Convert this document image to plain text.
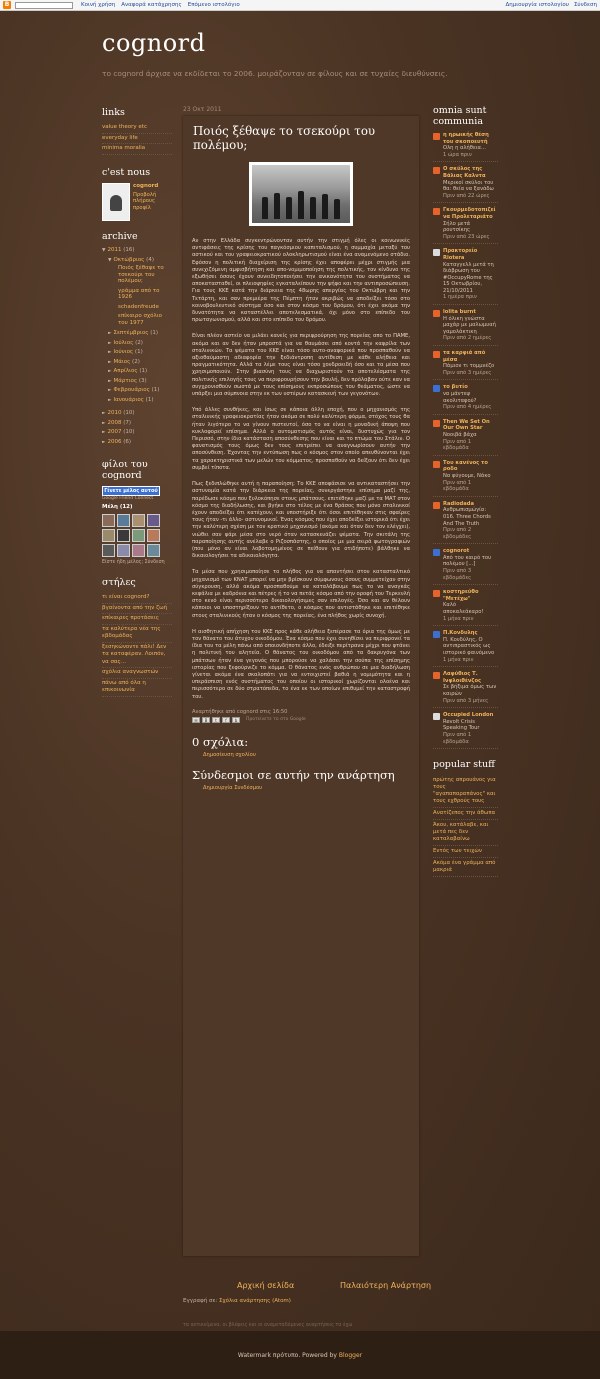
B	Κοινή χρήση Αναφορά κατάχρησης Επόμενο ιστολόγιο	Δημιουργία ιστολογίου Σύνδεση
cognord
το cognord άρχισε να εκδίδεται το 2006. μοιράζονταν σε φίλους και σε τυχαίες διευθύνσεις.
links
value theory etc
everyday life
minima moralia
c'est nous
cognord
Προβολή πλήρους προφίλ
archive
▼ 2011 (16)
▼ Οκτώβριος (4)
Ποιός ξέθαψε το τσεκούρι του πολέμου;
γράμμα από το 1926
schadenfreude
επίκαιρο σχόλιο του 1977
► Σεπτέμβριος (1)
► Ιούλιος (2)
► Ιούνιος (1)
► Μάιος (2)
► Απρίλιος (1)
► Μάρτιος (3)
► Φεβρουάριος (1)
► Ιανουάριος (1)
► 2010 (10)
► 2008 (7)
► 2007 (10)
► 2006 (6)
φίλοι του cognord
Γίνετε μέλος αυτού
Google Friend Connect
Μέλη (12)
Είστε ήδη μέλος; Σύνδεση
στήλες
τι είναι cognord?
βγαίνοντα από την ζωή
επίκαιρες προτάσεις
τα καλύτερα νέα της εβδομάδας
ξεσηκώνοντε πάλι! Δεν τα καταφέραν. Λοιπόν, να σας...
σχόλια αναγνωστών
πάνω από όλα η επικοινωνία
23 Οκτ 2011
Ποιός ξέθαψε το τσεκούρι του πολέμου;
Αν στην Ελλάδα συγκεντρώνονταν αυτήν την στιγμή όλες οι κοινωνικές αντιφάσεις της κρίσης του παγκόσμιου καπιταλισμού, η συμμαχία μεταξύ του αστικού και του γραφειοκρατικού ολοκληρωτισμού είναι ένα αναμενόμενο στάδιο. Εφόσον η πολιτική διαχείριση της κρίσης έχει αποφέρει μέχρι στιγμής μια συνεχιζόμενη αμφισβήτηση και απο-νομιμοποίηση της πολιτικής, τον κίνδυνο της εξωθήσει όσους έχουν συνειδητοποιήσει την ανικανότητα του συστήματος να αποκατασταθεί, οι πλειοψηφίες εγκαταλείπουν την ψήφο και την αντιπροσώπευση. Για τους ΚΚΕ κατά την διάρκεια της 48ωρης απεργίας του Οκτώβρη και την Τετάρτη, και σαν πρεμιέρα της Πέμπτη ήταν ακριβώς να αποδείξει τόσο στο κοινοβουλευτικό σύστημα όσο και στον κόσμο του δρόμου, ότι έχει ακόμα την δυνατότητα να καταστέλλει αποτελεσματικά, όχι μόνο στο επίπεδο του πρωταγωνισμού, αλλά και στο επίπεδο του δρόμου.
Είναι πλέον αστείο να μιλάει κανείς για περιφρούρηση της πορείας απο το ΠΑΜΕ, ακόμα και αν δεν ήταν μπροστά για να θαυμάσει από κοντά την καφρίλα των σταλινικών. Τα ψέματα του ΚΚΕ είναι τόσο αυτο-αναφορικά που προσπαθούν να αξιοθαύμαστη αδιαφορία την ξεδιάντροπη αντίθεση με κάθε αλήθεια και πραγματικότητα. Αλλά τα λέμε τους είναι τόσο χονδροειδή όσο και τα μέσα που χρησιμοποιούν. Στην βιασύνη τους να διαχωριστούν τα αποτελέσματα της πολιτικής επιλογής τους να περιφρουρήσουν την βουλή, δεν πρόλαβαν ούτε καν να συγχρονισθούν σωστά με τους επίσημους εκπροσώπους του θεάματος, ώστε να υπάρξει μια σύμπνοια στην εκ των υστέρων κατασκευή των γεγονότων.
Υπό άλλες συνθήκες, και ίσως σε κάποια άλλη εποχή, που ο μηχανισμός της σταλινικής γραφειοκρατίας ήταν ακόμα σε πολύ καλύτερη φόρμα, στόχος τους θα ήταν λιγότερο το να γίνουν πιστευτοί, όσο το να είναι η μοναδική άποψη που κυκλοφορεί επίσημα. Αλλά ο αυτοματισμός αυτός είναι, δυστυχώς για τον Περισσό, στην ίδια κατάσταση αποσύνθεσης που είναι και το πτώμα του Στάλιν. Ο φανατισμός τους όμως δεν τους επιτρέπει να αναγνωρίσουν αυτήν την αποσύνθεση. Έχοντας την εντύπωση πως ο κόσμος στον οποίο απευθύνονται έχει τα χαρακτηριστικά των μελών του κόμματος, προσπαθούν να δείξουν ότι δεν έχει συμβεί τίποτα.
Πως ξεδιπλώθηκε αυτή η παραποίηση; Το ΚΚΕ αποφάσισε να αντικαταστήσει την αστυνομία κατά την διάρκεια της πορείας, συνεργάστηκε επίσημα μαζί της, παρέδωσε κόσμο που ξυλοκόπησε στους μπάτσους, επιτέθηκε μαζί με τα ΜΑΤ στον κόσμο της διαδήλωσης, και βγήκε στο τέλος με ένα θράσος που μόνο σταλινικοί έχουν αποδείξει ότι κατέχουν, και υποστήριξε ότι όσοι επιτέθηκαν στις σφαίρες τους ήταν -τι άλλο- αστυνομικοί. Ένας κόσμος που έχει αποδείξει ιστορικά ότι έχει την καλύτερη σχέση με τον κρατικό μηχανισμό (ακόμα και όταν δεν τον ελέγχει), νιώθει σαν ψάρι μέσα στο νερό όταν κατασκευάζει ψέματα. Την σκιτάλη της παραποίησης αυτής ανέλαβε ο Ριζοσπάστης, ο οποίος με μια σειρά φωτογραφιών (που μόνο αν είναι λοβοτομημένος σε πείθουν για οτιδήποτε) βάλθηκε να δικαιολογήσει τα αδικαιολόγητα.
Τα μέσα που χρησιμοποίησε το πλήθος για να απαντήσει στον κατασταλτικό μηχανισμό των ΚΝΑΤ μπορεί να μην βρίσκουν σύμφωνους όσους συμμετείχαν στην σύγκρουση, αλλά ακόμα προσπαθούμε να καταλάβουμε πως το να αναγκάς κεφάλια με καδρόνια και πέτρες ή το να πετάς κόσμο από την οροφή του Τερκενλή στο κενό είναι περισσότερο δικαιολογήσιμες σαν επιλογές. Όσο και αν θέλουν κάποιοι να υποστηρίξουν το αντίθετο, ο κόσμος που αντιστάθηκε και επιτέθηκε στους σταλινικούς ήταν ο κόσμος της πορείας, ένα πλήθος χωρίς συνοχή.
Η αισθητική απήχηση του ΚΚΕ προς κάθε αλήθεια ξεπέρασε τα όρια της όμως με τον θάνατο του άτυχου οικοδόμου. Ένα κόσμο που έχει συνηθίσει να περιφρονεί τα ίδια του τα μέλη πάνω από οποιονδήποτε άλλο, έδειξε περίτρανα μέχρι που φτάνει η πολιτική του αλητεία. Ο θάνατος του οικοδόμου από τα δακρυγόνα των μπάτσων ήταν ένα γεγονός που μπορούσε να χαλάσει την σούπα της επίσημης ιστορίας που ξεφούρνιζε το κόμμα. Ο θάνατος ενός ανθρώπου σε μια διαδήλωση γίνεται ακόμα ένα σκαλοπάτι για να εντοιχιστεί βαθιά η νομιμότητα και η υπεράσπιση ενός συστήματος του οποίου οι ιστορικοί χωρίζονται ολοένα και περισσότερο σε δύο στρατόπεδα, το ένα εκ των οποίων επιθυμεί την καταστροφή του.
Αναρτήθηκε από cognord στις 16:50
✉	B	t	f	b	Προτείνετε το στο Google
0 σχόλια:
Δημοσίευση σχολίου
Σύνδεσμοι σε αυτήν την ανάρτηση
Δημιουργία Συνδέσμου
Αρχική σελίδα	Παλαιότερη Ανάρτηση
Εγγραφή σε: Σχόλια ανάρτησης (Atom)
τα αντικείμενα, οι βλέψεις και οι αναμεταδόμενες αναρτήσεις τα έχω
omnia sunt communia
η ηρωικής θέση του σκοποευτή
Ολη η αλήθεια...
1 ώρα πριν
Ο σκύλος της Βάλιας Καλντα
Μερικοί σκύλοι του θα: θεία να ξανάδω
Πριν από 22 ώρες
Γκουρμεδοτοπιζεί να Προλεταριάτο
Σήλο μετά ρουτσίκης
Πριν από 23 ώρες
Πρακτορείο Riotera
Καταγγελλ μετά τη διάβρωση του #OccupyRome της 15 Οκτωβρίου, 21/10/2011
1 ημέρα πριν
lolita burnt
Η όλικη γνώστα μαχάρ με μαλωμυαή γαμολάκτικη
Πριν από 2 ημέρες
τα καρφιά από μέσα
Πάμιον τι τομμνέζο
Πριν από 3 ημέρες
το βυτίο
να μάντεψ ακολιταφού?
Πριν από 4 ημέρες
Then We Set On Our Own Star
Νοοιβά βάχα
Πριν από 1 εβδομάδα
Του κανένος το ροδο
Να φύγουμε, Νάκο
Πριν από 1 εβδομάδα
Radiodada
Ανθρωπισμώγία: 016. Three Chords And The Truth
Πριν από 2 εβδομάδες
cognorot
Από του καιρό του πολέμου [...]
Πριν από 3 εβδομάδες
κοστηρεύθο "Μετέχω"
Καλό αποκαλεάκαρο!
1 μήνα πριν
Π.Κονδυλης
Π. Κονδύλης, Ο αντιπραστικός ως ιστορικό φαινόμενο
1 μήνα πριν
Λαφύθιος Τ. Ινφλοιθένζος
Σε βήξιμα όμως των καιρών
Πριν από 3 μήνες
Occupied London
Revolt Crisis Speaking Tour
Πριν από 1 εβδομάδα
popular stuff
πρώτης απρουάνος για τους "αγαπαπαραπάνος" και τους εχθρούς τους
Ανατίζεπος την άθωπα
Άκου, κατάλαβε, και μετά πες δεν καταλαβαίνω
Εντός των τειχών
Ακόμα ένα γράμμα από μακριά
Watermark πρότυπο. Powered by
Blogger
